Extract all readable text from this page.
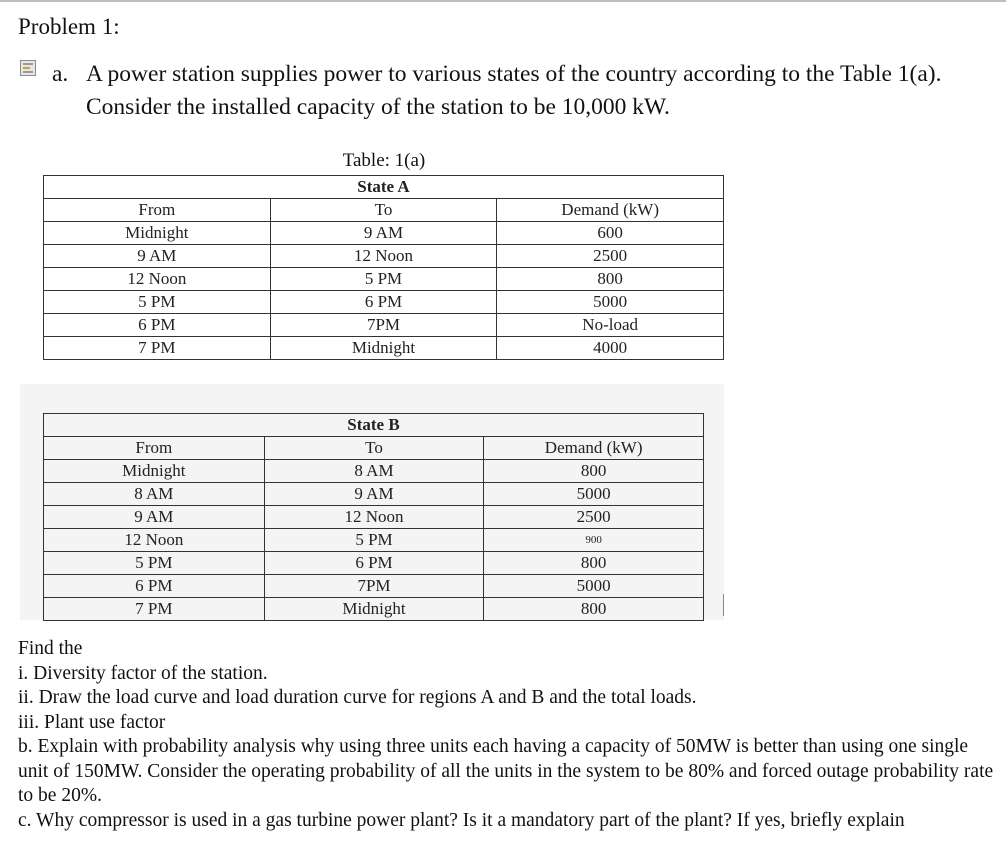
Problem 1:
a. A power station supplies power to various states of the country according to the Table 1(a). Consider the installed capacity of the station to be 10,000 kW.
Table: 1(a)
State A		
From	To	Demand (kW)
Midnight	9 AM	600
9 AM	12 Noon	2500
12 Noon	5 PM	800
5 PM	6 PM	5000
6 PM	7PM	No-load
7 PM	Midnight	4000
State B		
From	To	Demand (kW)
Midnight	8 AM	800
8 AM	9 AM	5000
9 AM	12 Noon	2500
12 Noon	5 PM	900
5 PM	6 PM	800
6 PM	7PM	5000
7 PM	Midnight	800
Find the
i. Diversity factor of the station.
ii. Draw the load curve and load duration curve for regions A and B and the total loads.
iii. Plant use factor
b. Explain with probability analysis why using three units each having a capacity of 50MW is better than using one single unit of 150MW. Consider the operating probability of all the units in the system to be 80% and forced outage probability rate to be 20%.
c. Why compressor is used in a gas turbine power plant? Is it a mandatory part of the plant? If yes, briefly explain
